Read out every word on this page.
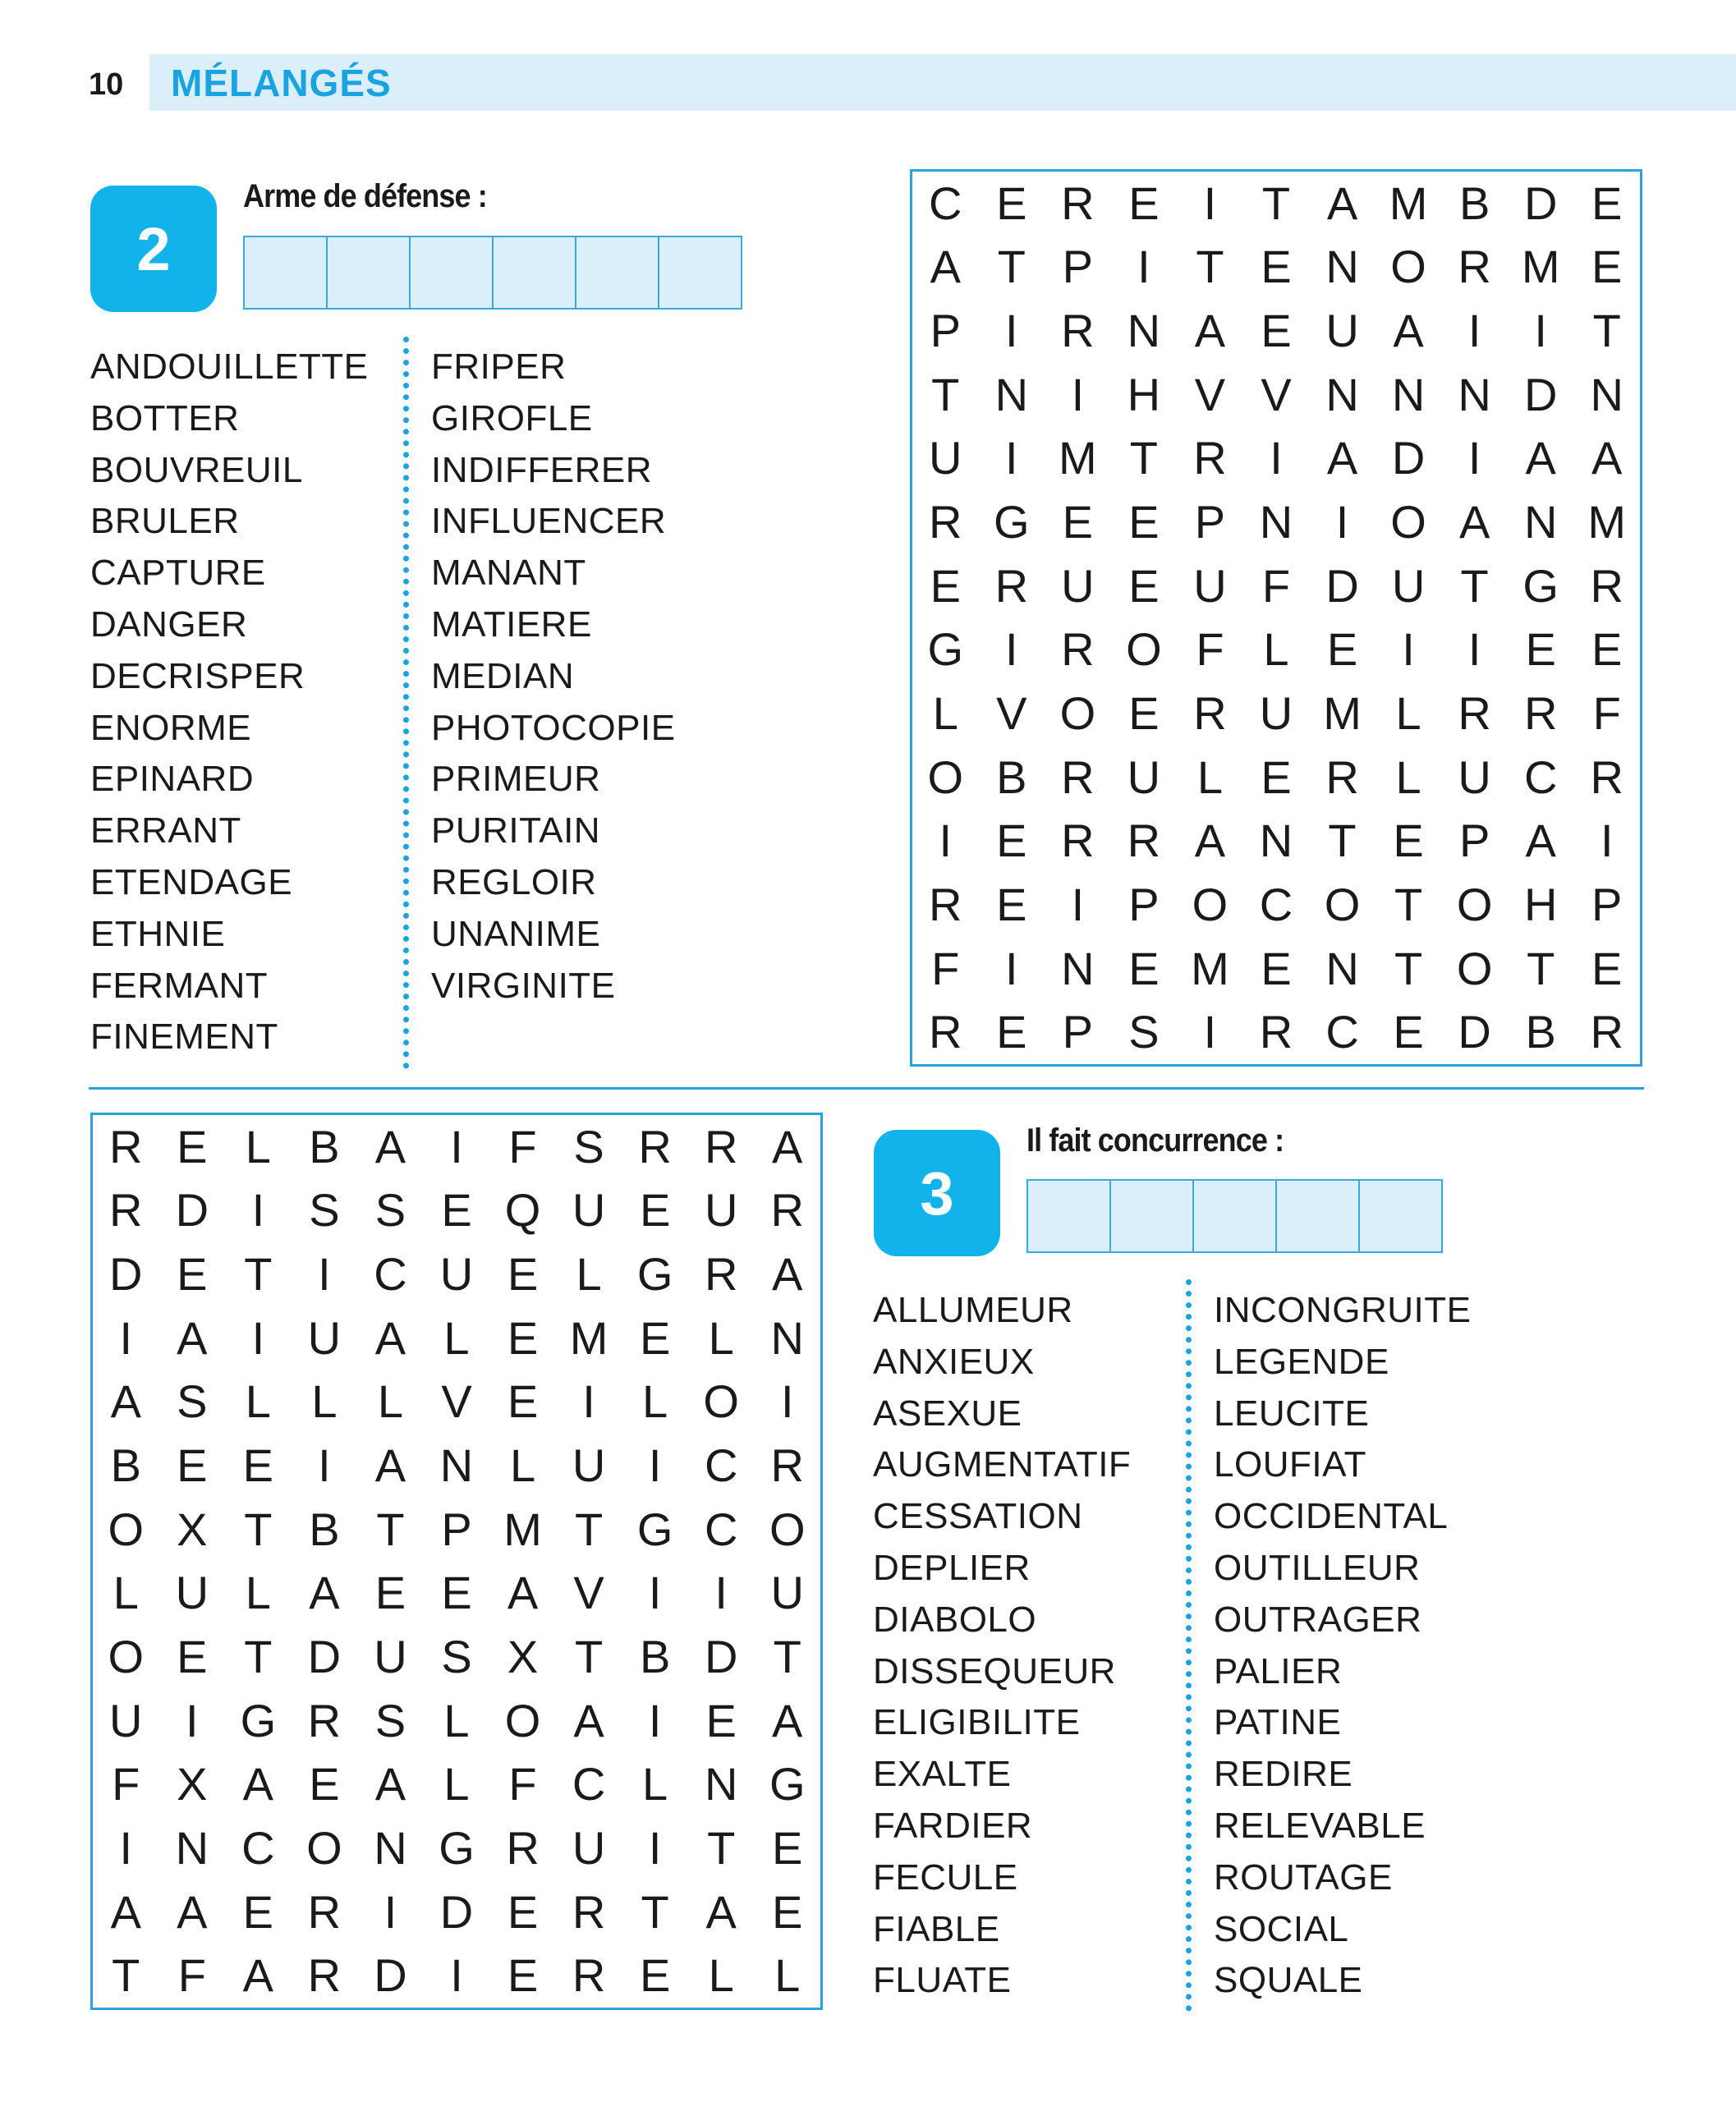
10	MÉLANGÉS
2
Arme de défense :
ANDOUILLETTE
BOTTER
BOUVREUIL
BRULER
CAPTURE
DANGER
DECRISPER
ENORME
EPINARD
ERRANT
ETENDAGE
ETHNIE
FERMANT
FINEMENT
FRIPER
GIROFLE
INDIFFERER
INFLUENCER
MANANT
MATIERE
MEDIAN
PHOTOCOPIE
PRIMEUR
PURITAIN
REGLOIR
UNANIME
VIRGINITE
C E R E I T A M B D E
A T P I T E N O R M E
P I R N A E U A I	I T
T N I H V V N N N D N
U I M T R I A D I A A
R G E E P N I O A N M
E R U E U F D U T G R
G I R O F L E I	I E E
L V O E R U M L R R F
O B R U L E R L U C R
I E R R A N T E P A I
R E I P O C O T O H P
F I N E M E N T O T E
R E P S I R C E D B R
R E L B A I F S R R A
R D I S S E Q U E U R
D E T I C U E L G R A
I A I U A L E M E L N
A S L L L V E I	L O I
B E E I A N L U I C R
O X T B T P M T G C O
L U L A E E A V I	I U
O E T D U S X T B D T
U I G R S L O A I E A
F X A E A L F C L N G
I N C O N G R U I T E
A A E R I D E R T A E
T F A R D I E R E L L
3
Il fait concurrence :
ALLUMEUR
ANXIEUX
ASEXUE
AUGMENTATIF
CESSATION
DEPLIER
DIABOLO
DISSEQUEUR
ELIGIBILITE
EXALTE
FARDIER
FECULE
FIABLE
FLUATE
INCONGRUITE
LEGENDE
LEUCITE
LOUFIAT
OCCIDENTAL
OUTILLEUR
OUTRAGER
PALIER
PATINE
REDIRE
RELEVABLE
ROUTAGE
SOCIAL
SQUALE
